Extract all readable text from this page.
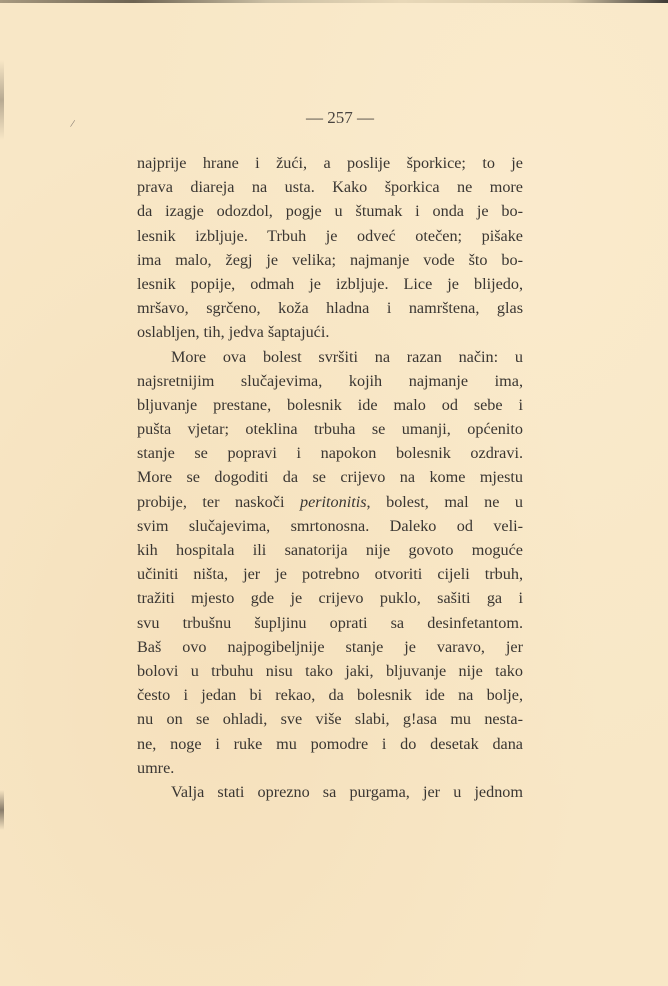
/	— 257 —
najprije hrane i žući, a poslije šporkice; to je
prava diareja na usta. Kako šporkica ne more
da izagje odozdol, pogje u štumak i onda je bo-
lesnik izbljuje. Trbuh je odveć otečen; pišake
ima malo, žegj je velika; najmanje vode što bo-
lesnik popije, odmah je izbljuje. Lice je blijedo,
mršavo, sgrčeno, koža hladna i namrštena, glas
oslabljen, tih, jedva šaptajući.
More ova bolest svršiti na razan način: u
najsretnijim slučajevima, kojih najmanje ima,
bljuvanje prestane, bolesnik ide malo od sebe i
pušta vjetar; oteklina trbuha se umanji, općenito
stanje se popravi i napokon bolesnik ozdravi.
More se dogoditi da se crijevo na kome mjestu
probije, ter naskoči peritonitis, bolest, mal ne u
svim slučajevima, smrtonosna. Daleko od veli-
kih hospitala ili sanatorija nije govoto moguće
učiniti ništa, jer je potrebno otvoriti cijeli trbuh,
tražiti mjesto gde je crijevo puklo, sašiti ga i
svu trbušnu šupljinu oprati sa desinfetantom.
Baš ovo najpogibeljnije stanje je varavo, jer
bolovi u trbuhu nisu tako jaki, bljuvanje nije tako
često i jedan bi rekao, da bolesnik ide na bolje,
nu on se ohladi, sve više slabi, g!asa mu nesta-
ne, noge i ruke mu pomodre i do desetak dana
umre.
Valja stati oprezno sa purgama, jer u jednom
